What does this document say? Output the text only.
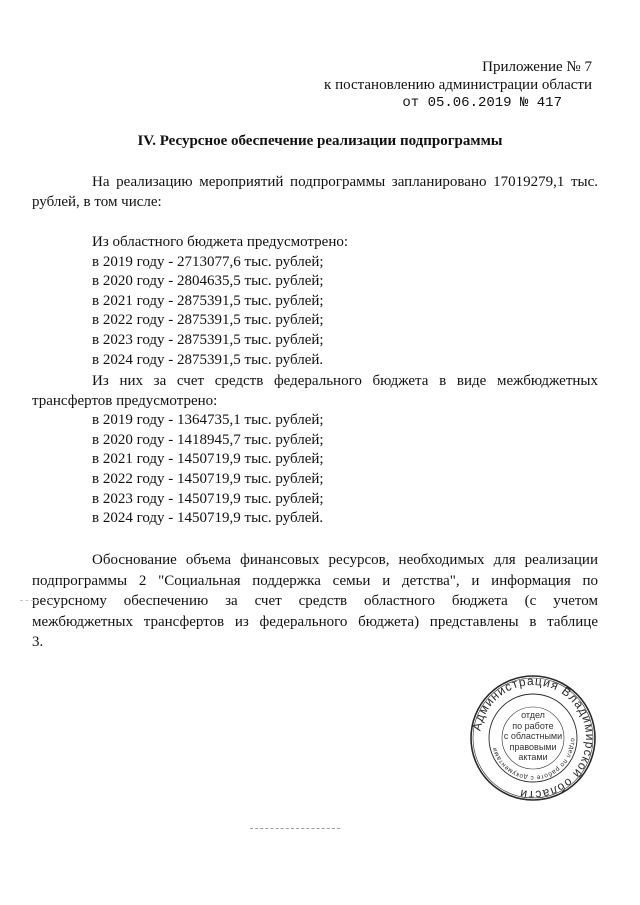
Приложение № 7
к постановлению администрации области
от 05.06.2019 № 417
IV. Ресурсное обеспечение реализации подпрограммы
На реализацию мероприятий подпрограммы запланировано 17019279,1 тыс.
рублей, в том числе:
Из областного бюджета предусмотрено:
в 2019 году - 2713077,6 тыс. рублей;
в 2020 году - 2804635,5 тыс. рублей;
в 2021 году - 2875391,5 тыс. рублей;
в 2022 году - 2875391,5 тыс. рублей;
в 2023 году - 2875391,5 тыс. рублей;
в 2024 году - 2875391,5 тыс. рублей.
Из них за счет средств федерального бюджета в виде межбюджетных
трансфертов предусмотрено:
в 2019 году - 1364735,1 тыс. рублей;
в 2020 году - 1418945,7 тыс. рублей;
в 2021 году - 1450719,9 тыс. рублей;
в 2022 году - 1450719,9 тыс. рублей;
в 2023 году - 1450719,9 тыс. рублей;
в 2024 году - 1450719,9 тыс. рублей.
Обоснование объема финансовых ресурсов, необходимых для реализации
подпрограммы 2 "Социальная поддержка семьи и детства", и информация по
ресурсному обеспечению за счет средств областного бюджета (с учетом
межбюджетных трансфертов из федерального бюджета) представлены в таблице
3.
Администрация Владимирской области
отдел по работе с документами
отдел
по работе
с областными
правовыми
актами
